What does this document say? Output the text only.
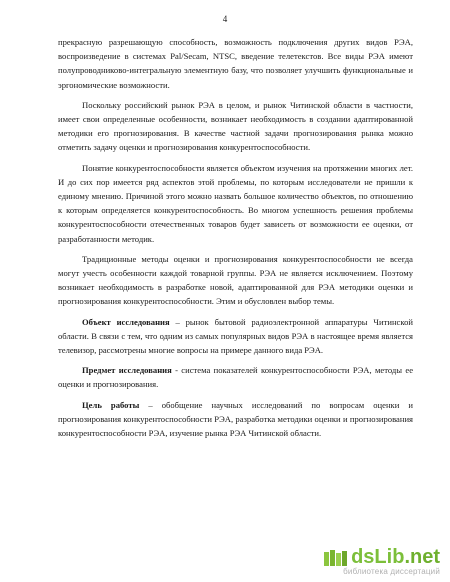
4

прекрасную разрешающую способность, возможность подключения других видов РЭА, воспроизведение в системах Pal/Secam, NTSC, введение телетекстов. Все виды РЭА имеют полупроводниково-интегральную элементную базу, что позволяет улучшить функциональные и эргономические возможности.

Поскольку российский рынок РЭА в целом, и рынок Читинской области в частности, имеет свои определенные особенности, возникает необходимость в создании адаптированной методики его прогнозирования. В качестве частной задачи прогнозирования рынка можно отметить задачу оценки и прогнозирования конкурентоспособности.

Понятие конкурентоспособности является объектом изучения на протяжении многих лет. И до сих пор имеется ряд аспектов этой проблемы, по которым исследователи не пришли к единому мнению. Причиной этого можно назвать большое количество объектов, по отношению к которым определяется конкурентоспособность. Во многом успешность решения проблемы конкурентоспособности отечественных товаров будет зависеть от возможности ее оценки, от разработанности методик.

Традиционные методы оценки и прогнозирования конкурентоспособности не всегда могут учесть особенности каждой товарной группы. РЭА не является исключением. Поэтому возникает необходимость в разработке новой, адаптированной для РЭА методики оценки и прогнозирования конкурентоспособности. Этим и обусловлен выбор темы.

Объект исследования – рынок бытовой радиоэлектронной аппаратуры Читинской области. В связи с тем, что одним из самых популярных видов РЭА в настоящее время является телевизор, рассмотрены многие вопросы на примере данного вида РЭА.

Предмет исследования - система показателей конкурентоспособности РЭА, методы ее оценки и прогнозирования.

Цель работы – обобщение научных исследований по вопросам оценки и прогнозирования конкурентоспособности РЭА, разработка методики оценки и прогнозирования конкурентоспособности РЭА, изучение рынка РЭА Читинской области.

dsLib.net
библиотека диссертаций
